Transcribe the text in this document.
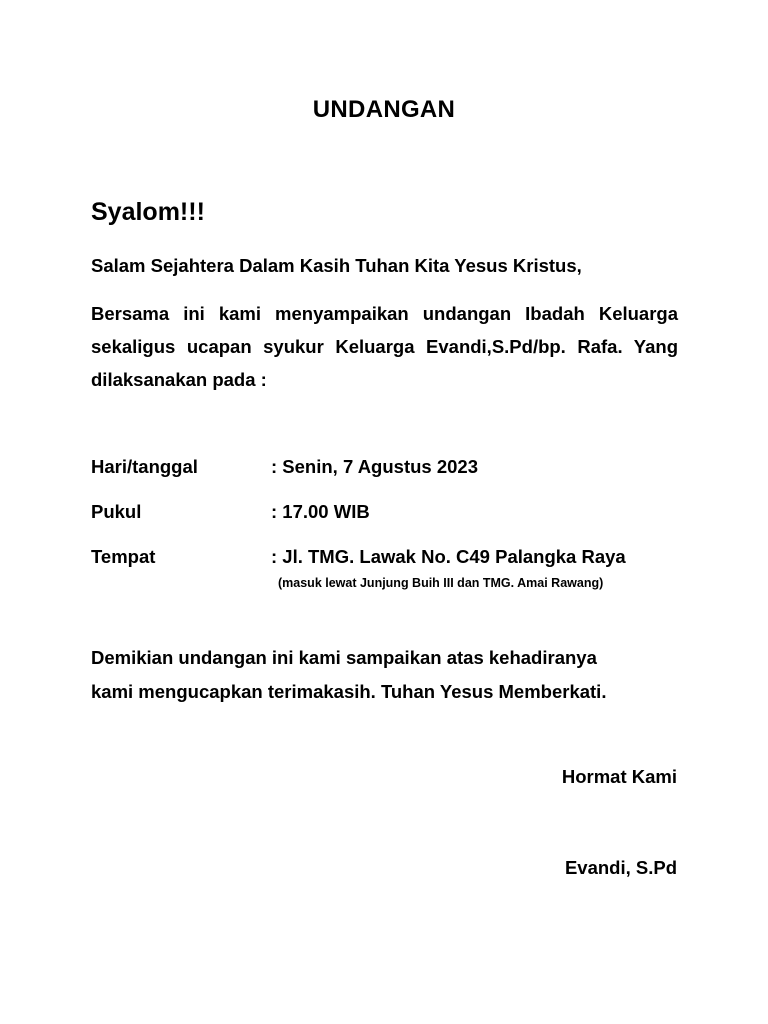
UNDANGAN
Syalom!!!
Salam Sejahtera Dalam Kasih Tuhan Kita Yesus Kristus,
Bersama ini kami menyampaikan undangan Ibadah Keluarga sekaligus ucapan syukur Keluarga Evandi,S.Pd/bp. Rafa. Yang dilaksanakan pada :
Hari/tanggal	: Senin, 7 Agustus 2023
Pukul	: 17.00 WIB
Tempat	: Jl. TMG. Lawak No. C49 Palangka Raya
(masuk lewat Junjung Buih III dan TMG. Amai Rawang)
Demikian undangan ini kami sampaikan atas kehadiranya
kami mengucapkan terimakasih. Tuhan Yesus Memberkati.
Hormat Kami
Evandi, S.Pd
